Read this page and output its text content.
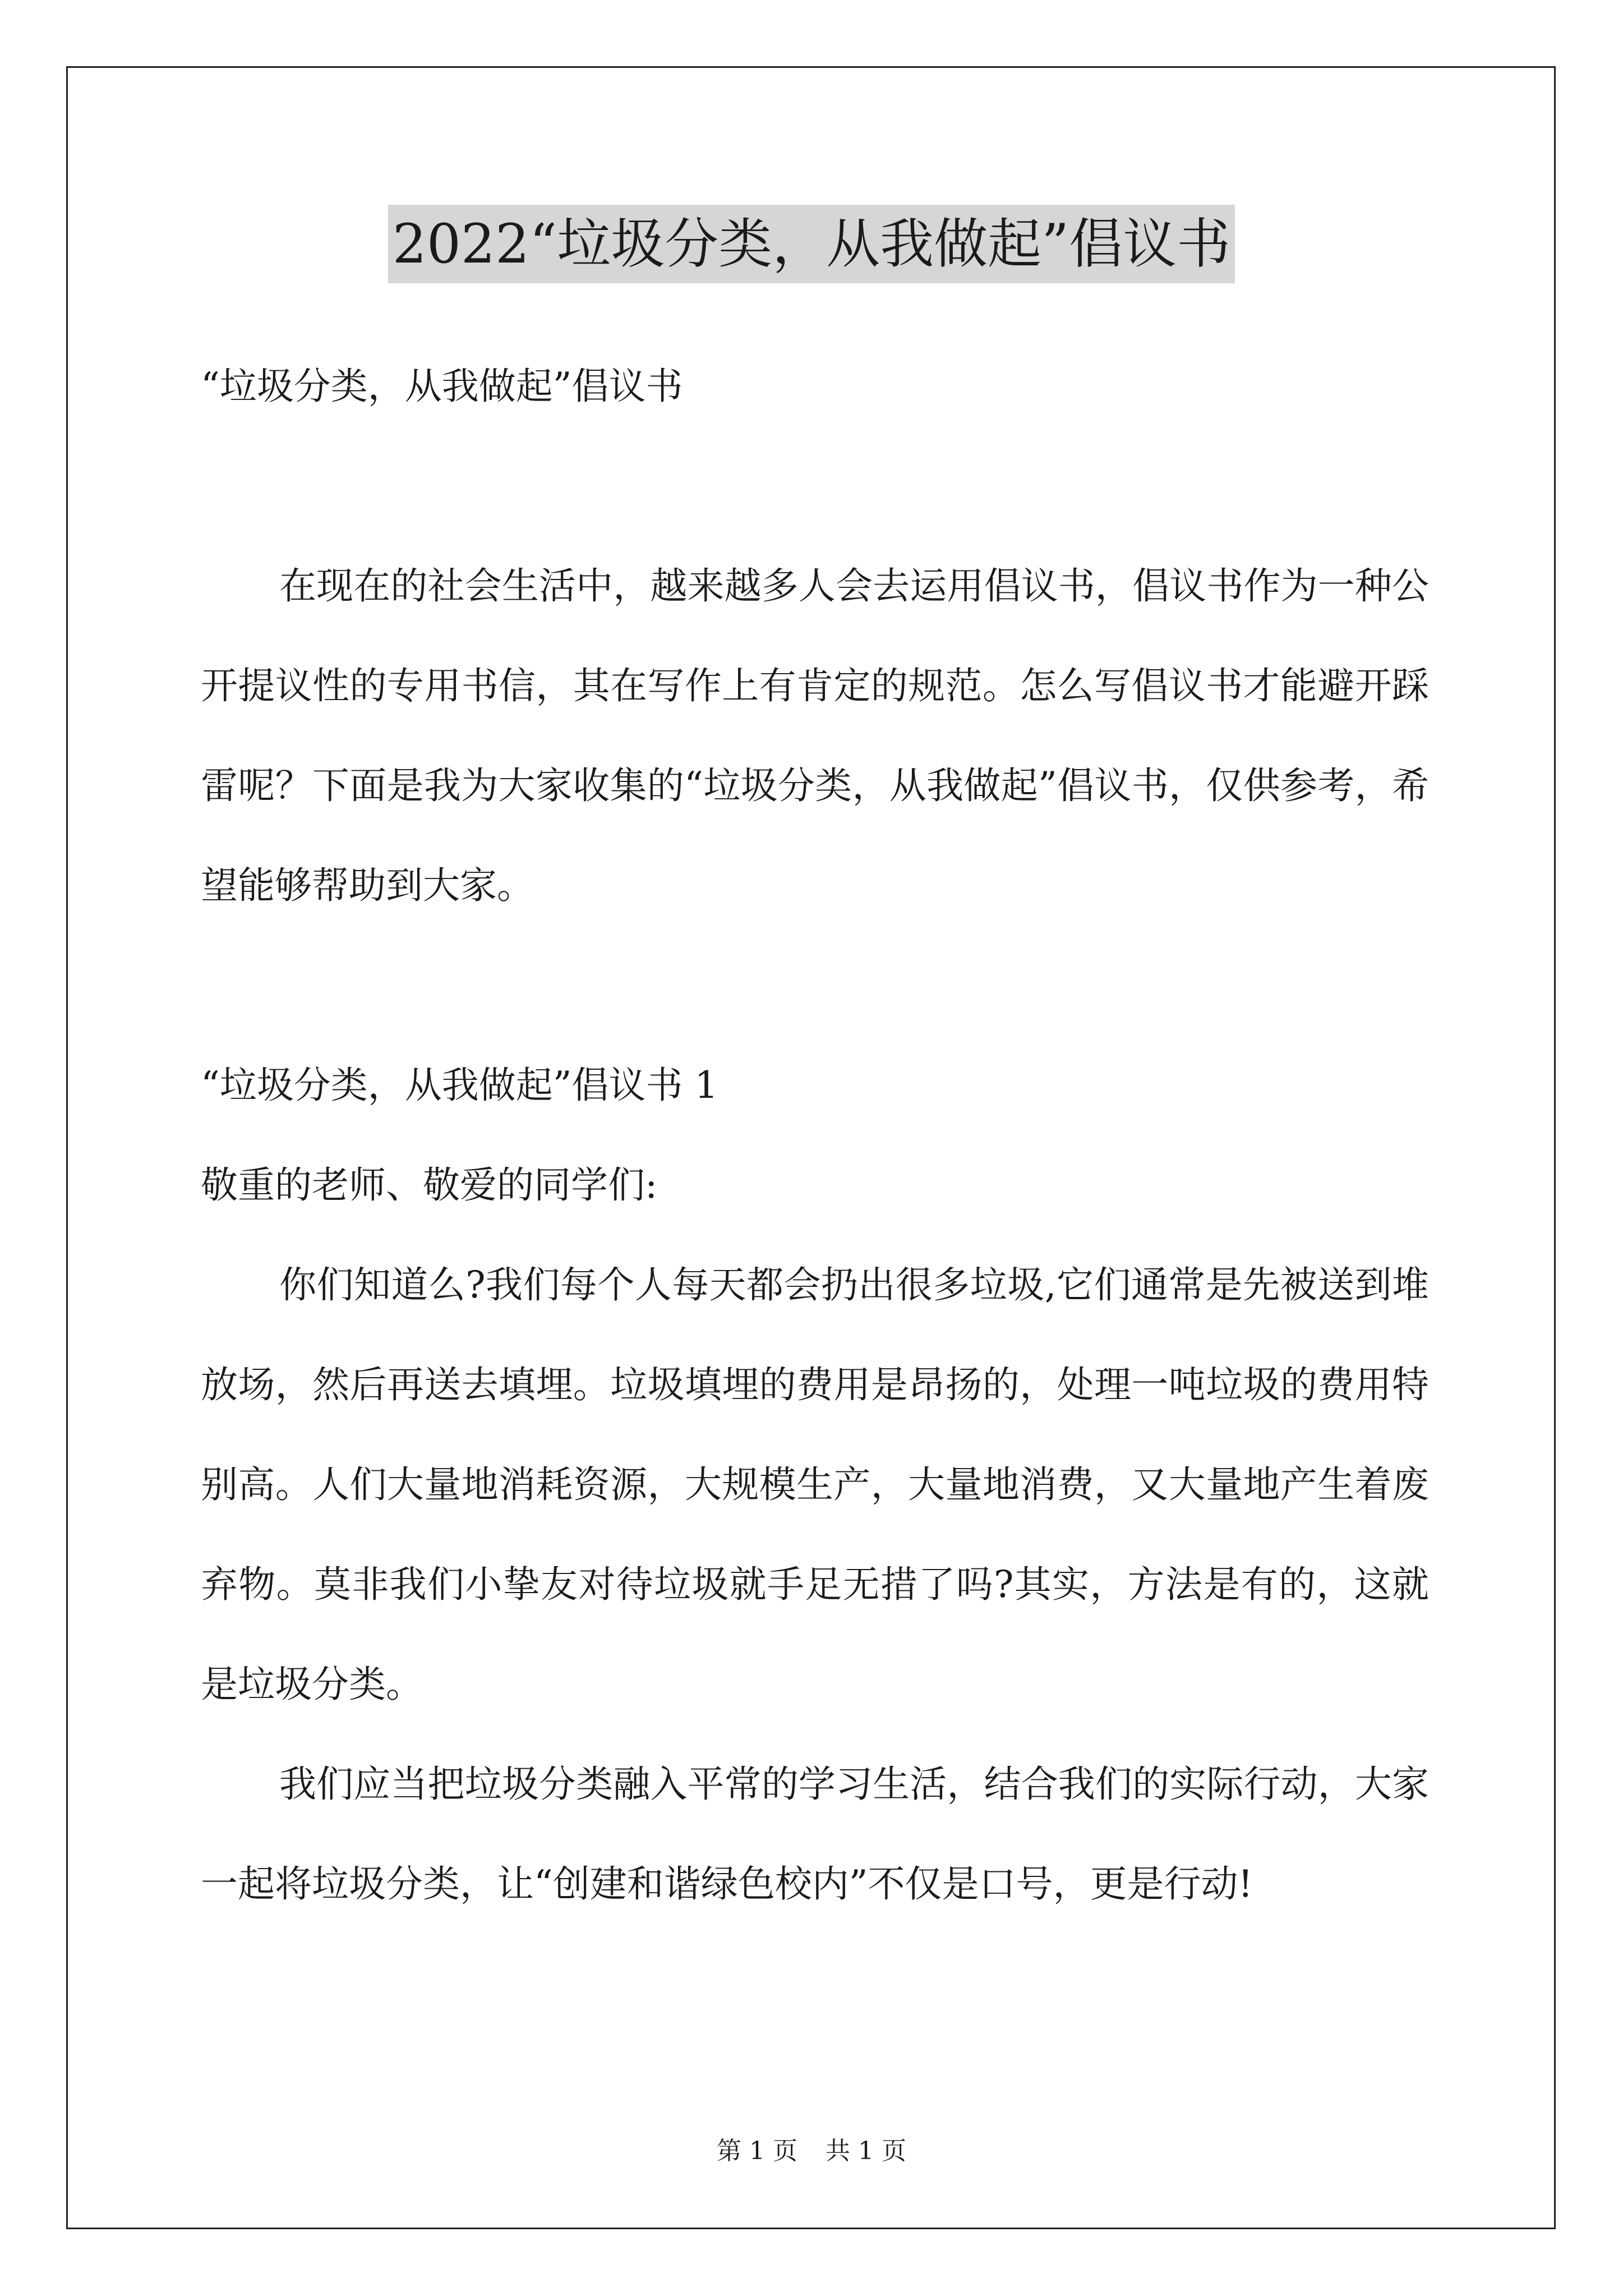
2022“垃圾分类，从我做起”倡议书

“垃圾分类，从我做起”倡议书

在现在的社会生活中，越来越多人会去运用倡议书，倡议书作为一种公开提议性的专用书信，其在写作上有肯定的规范。怎么写倡议书才能避开踩雷呢？下面是我为大家收集的“垃圾分类，从我做起”倡议书，仅供参考，希望能够帮助到大家。

“垃圾分类，从我做起”倡议书 1

敬重的老师、敬爱的同学们:

你们知道么?我们每个人每天都会扔出很多垃圾,它们通常是先被送到堆放场，然后再送去填埋。垃圾填埋的费用是昂扬的，处理一吨垃圾的费用特别高。人们大量地消耗资源，大规模生产，大量地消费，又大量地产生着废弃物。莫非我们小挚友对待垃圾就手足无措了吗?其实，方法是有的，这就是垃圾分类。

我们应当把垃圾分类融入平常的学习生活，结合我们的实际行动，大家一起将垃圾分类，让“创建和谐绿色校内”不仅是口号，更是行动!

第 1 页 共 1 页
